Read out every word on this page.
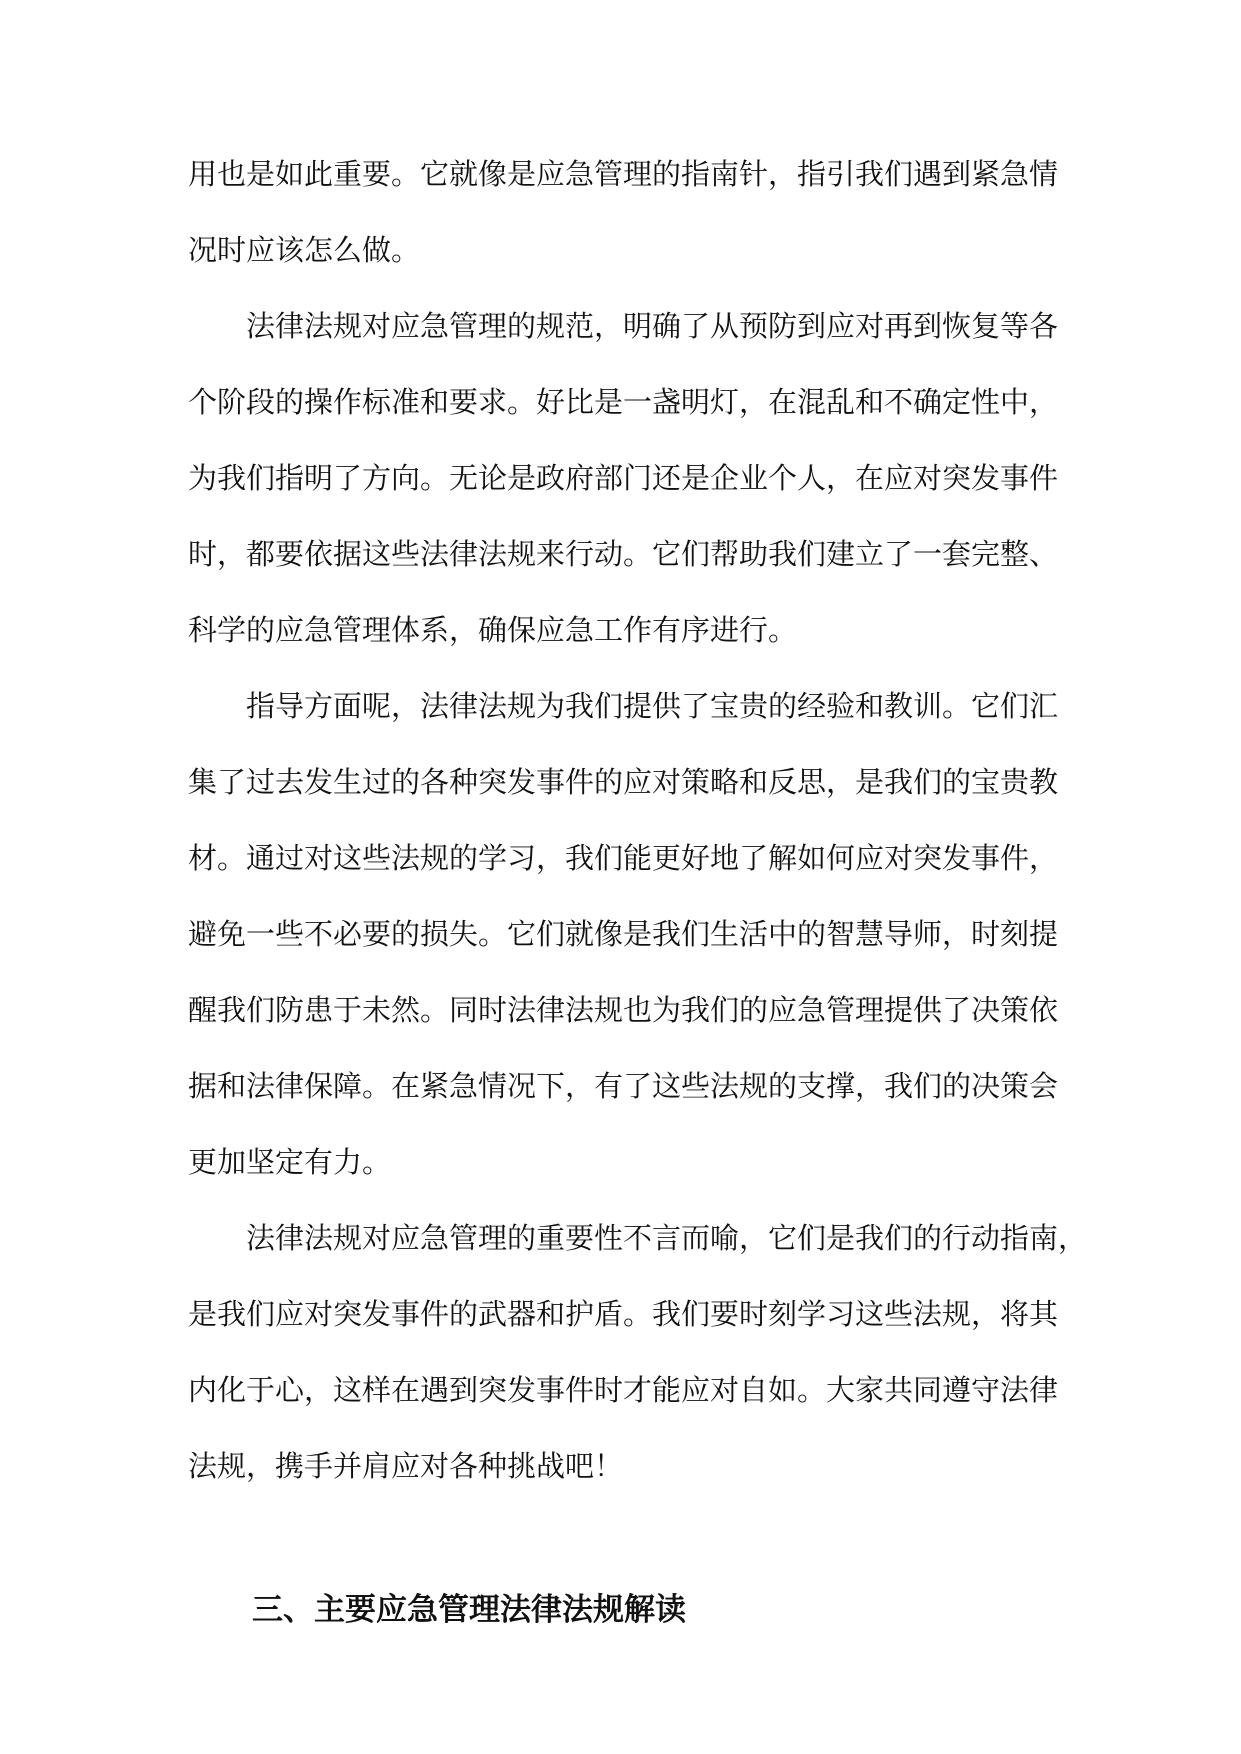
用也是如此重要。它就像是应急管理的指南针，指引我们遇到紧急情
况时应该怎么做。
法律法规对应急管理的规范，明确了从预防到应对再到恢复等各
个阶段的操作标准和要求。好比是一盏明灯，在混乱和不确定性中，
为我们指明了方向。无论是政府部门还是企业个人，在应对突发事件
时，都要依据这些法律法规来行动。它们帮助我们建立了一套完整、
科学的应急管理体系，确保应急工作有序进行。
指导方面呢，法律法规为我们提供了宝贵的经验和教训。它们汇
集了过去发生过的各种突发事件的应对策略和反思，是我们的宝贵教
材。通过对这些法规的学习，我们能更好地了解如何应对突发事件，
避免一些不必要的损失。它们就像是我们生活中的智慧导师，时刻提
醒我们防患于未然。同时法律法规也为我们的应急管理提供了决策依
据和法律保障。在紧急情况下，有了这些法规的支撑，我们的决策会
更加坚定有力。
法律法规对应急管理的重要性不言而喻，它们是我们的行动指南，
是我们应对突发事件的武器和护盾。我们要时刻学习这些法规，将其
内化于心，这样在遇到突发事件时才能应对自如。大家共同遵守法律
法规，携手并肩应对各种挑战吧！
三、主要应急管理法律法规解读
